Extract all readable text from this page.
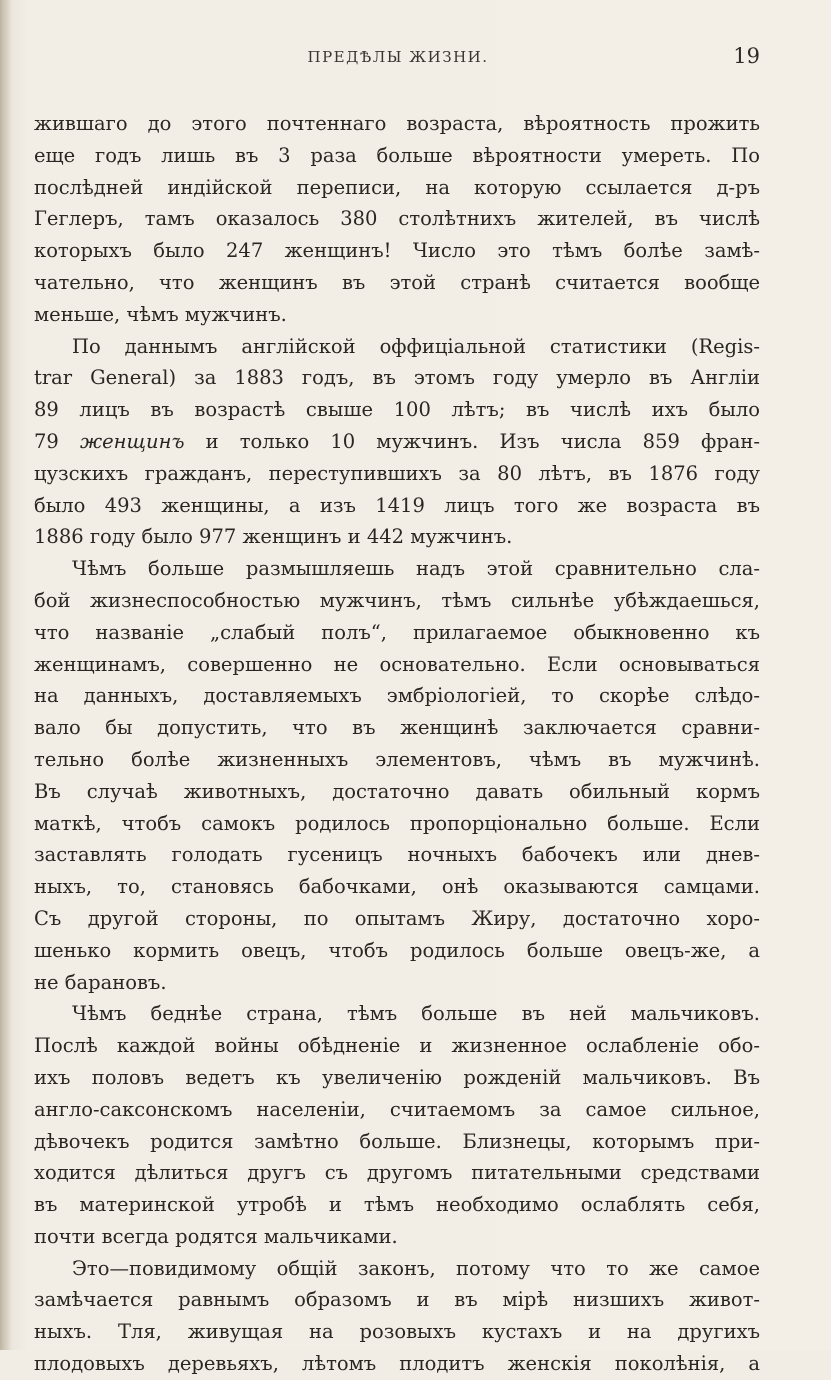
ПРЕДѢЛЫ ЖИЗНИ.	19
жившаго до этого почтеннаго возраста, вѣроятность прожить
еще годъ лишь въ 3 раза больше вѣроятности умереть. По
послѣдней индійской переписи, на которую ссылается д-ръ
Геглеръ, тамъ оказалось 380 столѣтнихъ жителей, въ числѣ
которыхъ было 247 женщинъ! Число это тѣмъ болѣе замѣ-
чательно, что женщинъ въ этой странѣ считается вообще
меньше, чѣмъ мужчинъ.
По даннымъ англійской оффиціальной статистики (Regis-
trar General) за 1883 годъ, въ этомъ году умерло въ Англіи
89 лицъ въ возрастѣ свыше 100 лѣтъ; въ числѣ ихъ было
79 женщинъ и только 10 мужчинъ. Изъ числа 859 фран-
цузскихъ гражданъ, переступившихъ за 80 лѣтъ, въ 1876 году
было 493 женщины, а изъ 1419 лицъ того же возраста въ
1886 году было 977 женщинъ и 442 мужчинъ.
Чѣмъ больше размышляешь надъ этой сравнительно сла-
бой жизнеспособностью мужчинъ, тѣмъ сильнѣе убѣждаешься,
что названіе „слабый полъ“, прилагаемое обыкновенно къ
женщинамъ, совершенно не основательно. Если основываться
на данныхъ, доставляемыхъ эмбріологіей, то скорѣе слѣдо-
вало бы допустить, что въ женщинѣ заключается сравни-
тельно болѣе жизненныхъ элементовъ, чѣмъ въ мужчинѣ.
Въ случаѣ животныхъ, достаточно давать обильный кормъ
маткѣ, чтобъ самокъ родилось пропорціонально больше. Если
заставлять голодать гусеницъ ночныхъ бабочекъ или днев-
ныхъ, то, становясь бабочками, онѣ оказываются самцами.
Съ другой стороны, по опытамъ Жиру, достаточно хоро-
шенько кормить овецъ, чтобъ родилось больше овецъ-же, а
не барановъ.
Чѣмъ беднѣе страна, тѣмъ больше въ ней мальчиковъ.
Послѣ каждой войны обѣдненіе и жизненное ослабленіе обо-
ихъ половъ ведетъ къ увеличенію рожденій мальчиковъ. Въ
англо-саксонскомъ населеніи, считаемомъ за самое сильное,
дѣвочекъ родится замѣтно больше. Близнецы, которымъ при-
ходится дѣлиться другъ съ другомъ питательными средствами
въ материнской утробѣ и тѣмъ необходимо ослаблять себя,
почти всегда родятся мальчиками.
Это—повидимому общій законъ, потому что то же самое
замѣчается равнымъ образомъ и въ мірѣ низшихъ живот-
ныхъ. Тля, живущая на розовыхъ кустахъ и на другихъ
плодовыхъ деревьяхъ, лѣтомъ плодитъ женскія поколѣнія, а
